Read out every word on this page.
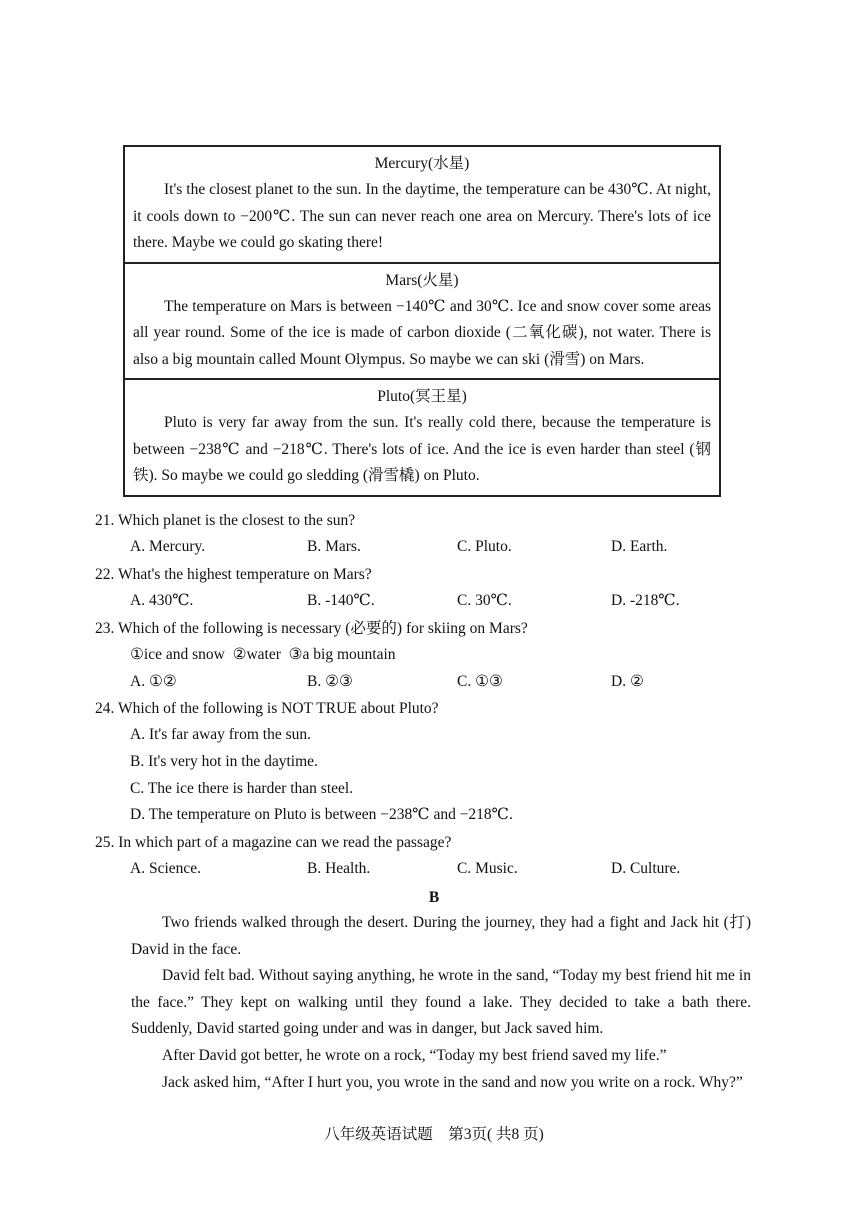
Mercury(水星)
It's the closest planet to the sun. In the daytime, the temperature can be 430℃. At night, it cools down to −200℃. The sun can never reach one area on Mercury. There's lots of ice there. Maybe we could go skating there!
Mars(火星)
The temperature on Mars is between −140℃ and 30℃. Ice and snow cover some areas all year round. Some of the ice is made of carbon dioxide (二氧化碳), not water. There is also a big mountain called Mount Olympus. So maybe we can ski (滑雪) on Mars.
Pluto(冥王星)
Pluto is very far away from the sun. It's really cold there, because the temperature is between −238℃ and −218℃. There's lots of ice. And the ice is even harder than steel (钢铁). So maybe we could go sledding (滑雪橇) on Pluto.
21. Which planet is the closest to the sun?
A. Mercury.	B. Mars.	C. Pluto.	D. Earth.
22. What's the highest temperature on Mars?
A. 430℃.	B. -140℃.	C. 30℃.	D. -218℃.
23. Which of the following is necessary (必要的) for skiing on Mars?
①ice and snow  ②water  ③a big mountain
A. ①②	B. ②③	C. ①③	D. ②
24. Which of the following is NOT TRUE about Pluto?
A. It's far away from the sun.
B. It's very hot in the daytime.
C. The ice there is harder than steel.
D. The temperature on Pluto is between −238℃ and −218℃.
25. In which part of a magazine can we read the passage?
A. Science.	B. Health.	C. Music.	D. Culture.
B

Two friends walked through the desert. During the journey, they had a fight and Jack hit (打) David in the face.

David felt bad. Without saying anything, he wrote in the sand, “Today my best friend hit me in the face.” They kept on walking until they found a lake. They decided to take a bath there. Suddenly, David started going under and was in danger, but Jack saved him.

After David got better, he wrote on a rock, “Today my best friend saved my life.”

Jack asked him, “After I hurt you, you wrote in the sand and now you write on a rock. Why?”

八年级英语试题　第3页( 共8 页)
